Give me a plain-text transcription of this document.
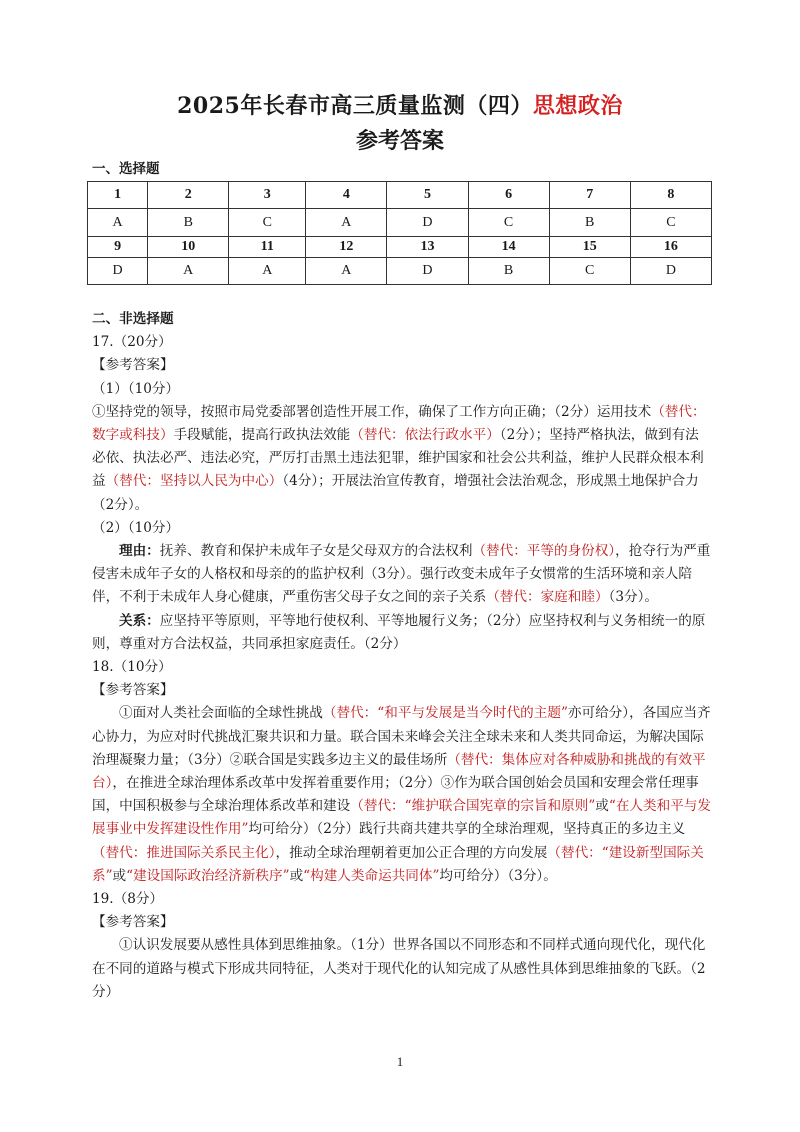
2025年长春市高三质量监测（四）思想政治
参考答案
一、选择题
1	2	3	4	5	6	7	8
A	B	C	A	D	C	B	C
9	10	11	12	13	14	15	16
D	A	A	A	D	B	C	D

二、非选择题

17.（20分）

【参考答案】

（1）（10分）

①坚持党的领导，按照市局党委部署创造性开展工作，确保了工作方向正确；（2分）运用技术（替代：数字或科技）手段赋能，提高行政执法效能（替代：依法行政水平）（2分）；坚持严格执法，做到有法必依、执法必严、违法必究，严厉打击黑土违法犯罪，维护国家和社会公共利益，维护人民群众根本利益（替代：坚持以人民为中心）（4分）；开展法治宣传教育，增强社会法治观念，形成黑土地保护合力（2分）。

（2）（10分）

理由：抚养、教育和保护未成年子女是父母双方的合法权利（替代：平等的身份权），抢夺行为严重侵害未成年子女的人格权和母亲的的监护权利（3分）。强行改变未成年子女惯常的生活环境和亲人陪伴，不利于未成年人身心健康，严重伤害父母子女之间的亲子关系（替代：家庭和睦）（3分）。

关系：应坚持平等原则，平等地行使权利、平等地履行义务；（2分）应坚持权利与义务相统一的原则，尊重对方合法权益，共同承担家庭责任。（2分）

18.（10分）

【参考答案】

①面对人类社会面临的全球性挑战（替代：“和平与发展是当今时代的主题”亦可给分），各国应当齐心协力，为应对时代挑战汇聚共识和力量。联合国未来峰会关注全球未来和人类共同命运，为解决国际治理凝聚力量；（3分）②联合国是实践多边主义的最佳场所（替代：集体应对各种威胁和挑战的有效平台），在推进全球治理体系改革中发挥着重要作用；（2分）③作为联合国创始会员国和安理会常任理事国，中国积极参与全球治理体系改革和建设（替代：“维护联合国宪章的宗旨和原则”或“在人类和平与发展事业中发挥建设性作用”均可给分）（2分）践行共商共建共享的全球治理观，坚持真正的多边主义（替代：推进国际关系民主化），推动全球治理朝着更加公正合理的方向发展（替代：“建设新型国际关系”或“建设国际政治经济新秩序”或“构建人类命运共同体”均可给分）（3分）。

19.（8分）

【参考答案】

①认识发展要从感性具体到思维抽象。（1分）世界各国以不同形态和不同样式通向现代化，现代化在不同的道路与模式下形成共同特征，人类对于现代化的认知完成了从感性具体到思维抽象的飞跃。（2分）

1
